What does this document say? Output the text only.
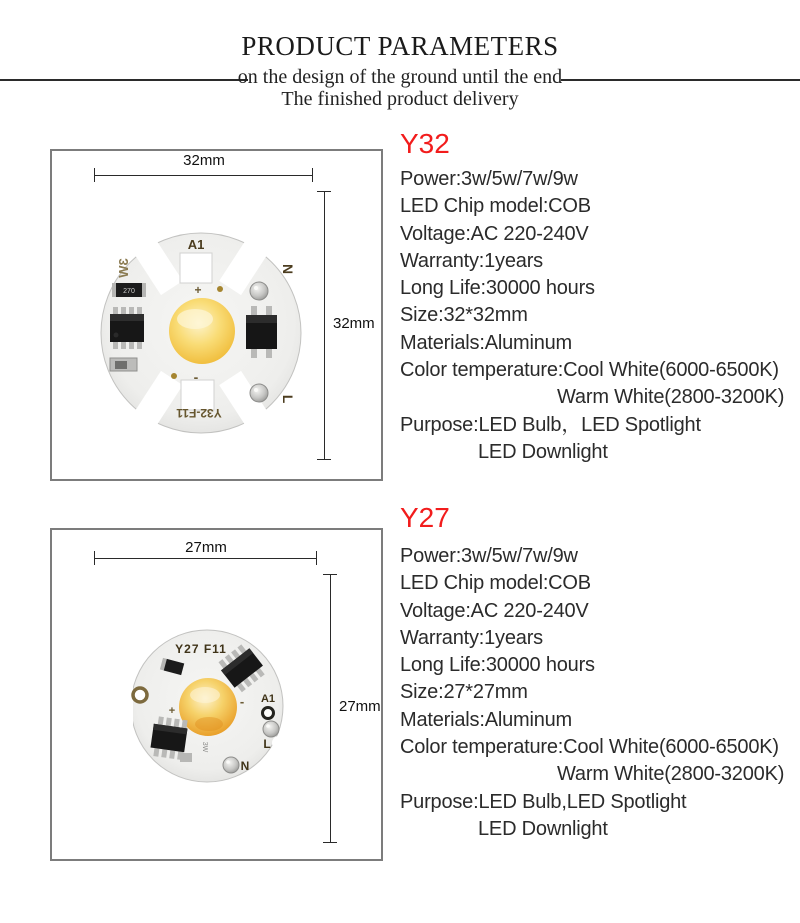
PRODUCT PARAMETERS
on the design of the ground until the end
The finished product delivery
32mm
32mm
A1
3W
270	+
-
N
L
Y32-F11
Y32
Power:3w/5w/7w/9w
LED Chip model:COB
Voltage:AC 220-240V
Warranty:1years
Long Life:30000 hours
Size:32*32mm
Materials:Aluminum
Color temperature:Cool White(6000-6500K)
Warm White(2800-3200K)
Purpose:LED Bulb，LED Spotlight
LED Downlight
27mm
27mm
Y27 F11
+
- A1
L
3W
N
Y27
Power:3w/5w/7w/9w
LED Chip model:COB
Voltage:AC 220-240V
Warranty:1years
Long Life:30000 hours
Size:27*27mm
Materials:Aluminum
Color temperature:Cool White(6000-6500K)
Warm White(2800-3200K)
Purpose:LED Bulb,LED Spotlight
LED Downlight
